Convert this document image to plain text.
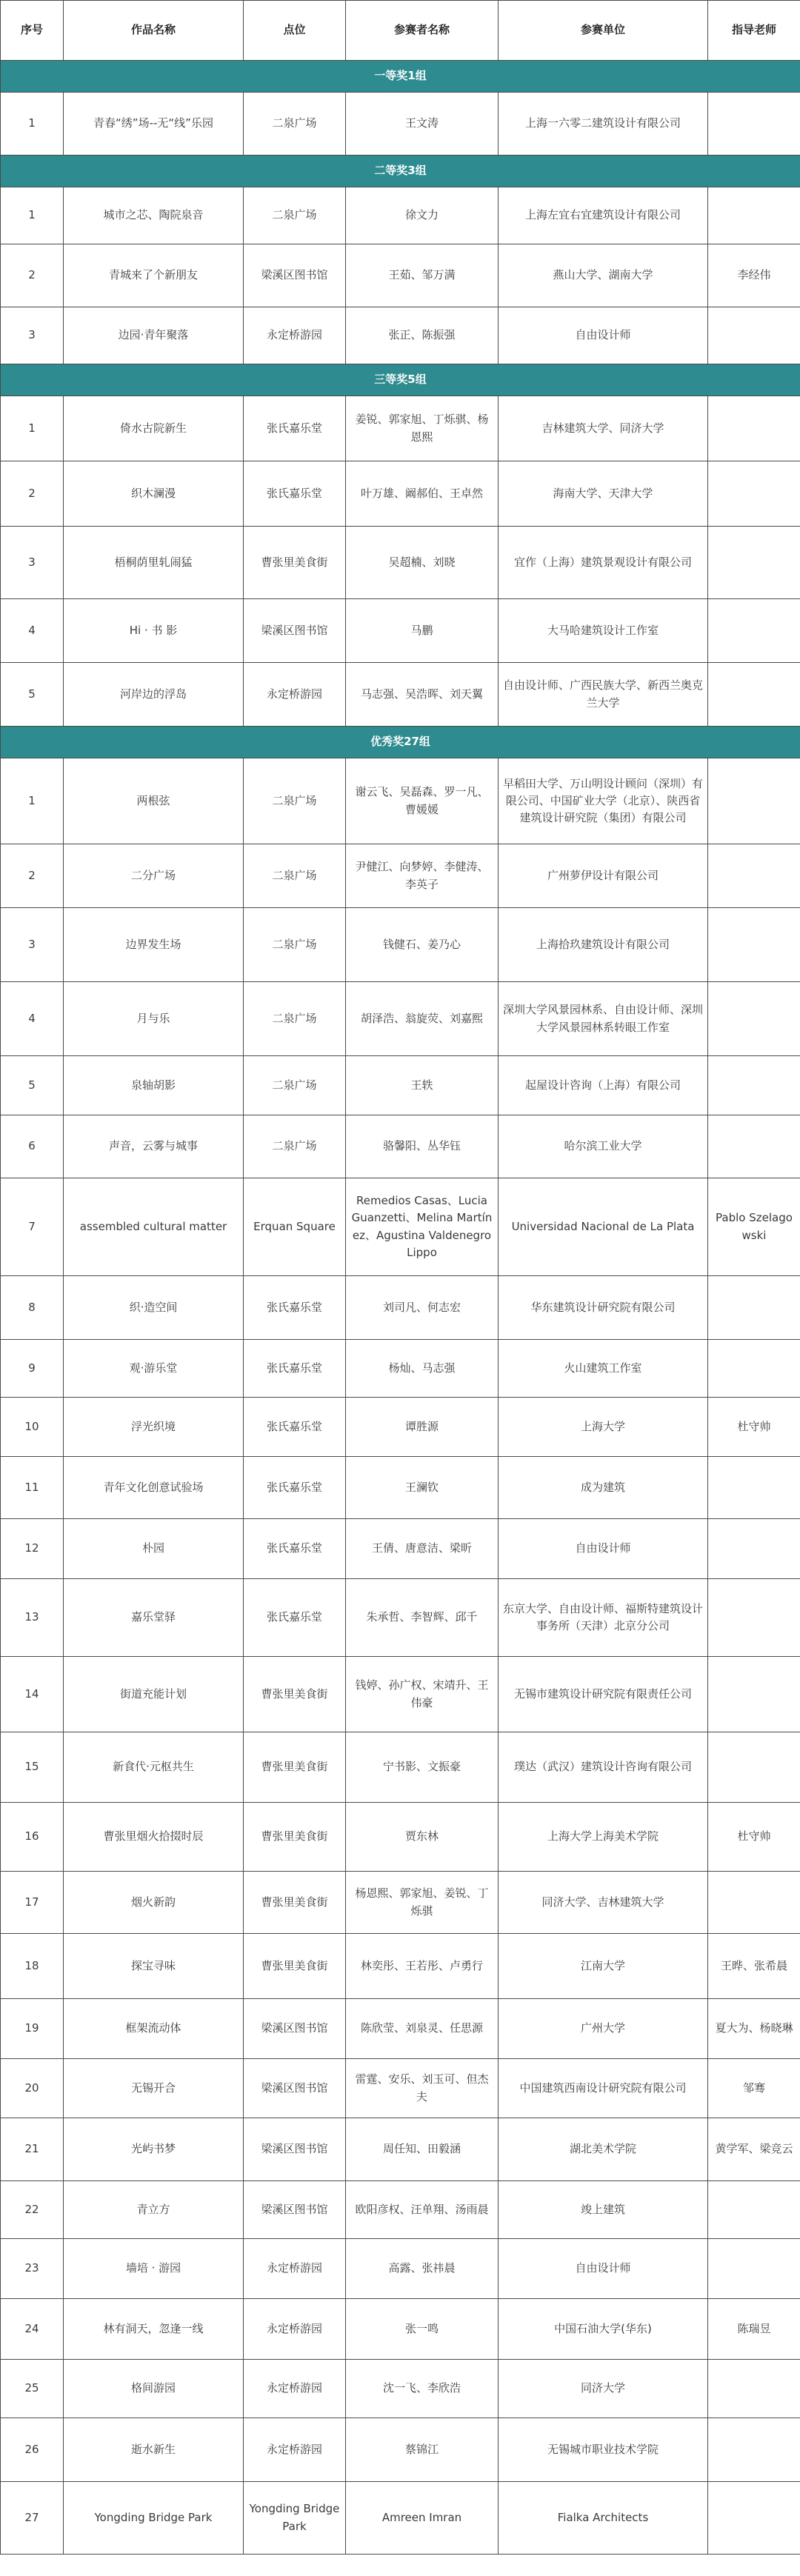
序号	作品名称	点位	参赛者名称	参赛单位	指导老师
一等奖1组					
1	青春“绣”场--无“线”乐园	二泉广场	王文涛	上海一六零二建筑设计有限公司	
二等奖3组					
1	城市之芯、陶院泉音	二泉广场	徐文力	上海左宜右宜建筑设计有限公司	
2	青城来了个新朋友	梁溪区图书馆	王茹、邹万满	燕山大学、湖南大学	李经伟
3	边园·青年聚落	永定桥游园	张正、陈振强	自由设计师	
三等奖5组					
1	倚水古院新生	张氏嘉乐堂	姜锐、郭家旭、丁烁骐、杨恩熙	吉林建筑大学、同济大学	
2	织木澜漫	张氏嘉乐堂	叶万雄、阚郝伯、王卓然	海南大学、天津大学	
3	梧桐荫里轧闹猛	曹张里美食街	吴超楠、刘晓	宜作（上海）建筑景观设计有限公司	
4	Hi · 书 影	梁溪区图书馆	马鹏	大马哈建筑设计工作室	
5	河岸边的浮岛	永定桥游园	马志强、吴浩晖、刘天翼	自由设计师、广西民族大学、新西兰奥克兰大学	
优秀奖27组					
1	两根弦	二泉广场	谢云飞、吴磊森、罗一凡、曹媛媛	早稻田大学、万山明设计顾问（深圳）有限公司、中国矿业大学（北京）、陕西省建筑设计研究院（集团）有限公司	
2	二分广场	二泉广场	尹健江、向梦婷、李健涛、李英子	广州萝伊设计有限公司	
3	边界发生场	二泉广场	钱健石、姜乃心	上海拾玖建筑设计有限公司	
4	月与乐	二泉广场	胡泽浩、翁旋荧、刘嘉熙	深圳大学风景园林系、自由设计师、深圳大学风景园林系转眼工作室	
5	泉轴胡影	二泉广场	王轶	起屋设计咨询（上海）有限公司	
6	声音，云雾与城事	二泉广场	骆馨阳、丛华钰	哈尔滨工业大学	
7	assembled cultural matter	Erquan Square	Remedios Casas、Lucia Guanzetti、Melina Martínez、Agustina Valdenegro Lippo	Universidad Nacional de La Plata	Pablo Szelagowski
8	织·造空间	张氏嘉乐堂	刘司凡、何志宏	华东建筑设计研究院有限公司	
9	观·游乐堂	张氏嘉乐堂	杨灿、马志强	火山建筑工作室	
10	浮光织境	张氏嘉乐堂	谭胜源	上海大学	杜守帅
11	青年文化创意试验场	张氏嘉乐堂	王澜钦	成为建筑	
12	朴园	张氏嘉乐堂	王倩、唐意洁、梁昕	自由设计师	
13	嘉乐堂驿	张氏嘉乐堂	朱承哲、李智辉、邱千	东京大学、自由设计师、福斯特建筑设计事务所（天津）北京分公司	
14	街道充能计划	曹张里美食街	钱婷、孙广权、宋靖升、王伟豪	无锡市建筑设计研究院有限责任公司	
15	新食代·元枢共生	曹张里美食街	宁书影、文振豪	璞达（武汉）建筑设计咨询有限公司	
16	曹张里烟火拾掇时辰	曹张里美食街	贾东林	上海大学上海美术学院	杜守帅
17	烟火新韵	曹张里美食街	杨恩熙、郭家旭、姜锐、丁烁骐	同济大学、吉林建筑大学	
18	探宝寻味	曹张里美食街	林奕彤、王若彤、卢勇行	江南大学	王晔、张希晨
19	框架流动体	梁溪区图书馆	陈欣莹、刘泉灵、任思源	广州大学	夏大为、杨晓琳
20	无锡开合	梁溪区图书馆	雷霆、安乐、刘玉可、但杰夫	中国建筑西南设计研究院有限公司	邹骞
21	光屿书梦	梁溪区图书馆	周任知、田毅涵	湖北美术学院	黄学军、梁竞云
22	青立方	梁溪区图书馆	欧阳彦权、汪单翔、汤雨晨	竣上建筑	
23	墙培 · 游园	永定桥游园	高露、张祎晨	自由设计师	
24	林有洞天，忽逢一线	永定桥游园	张一鸣	中国石油大学(华东)	陈瑞昱
25	格间游园	永定桥游园	沈一飞、李欣浩	同济大学	
26	逝水新生	永定桥游园	蔡锦江	无锡城市职业技术学院	
27	Yongding Bridge Park	Yongding Bridge Park	Amreen Imran	Fialka Architects	
